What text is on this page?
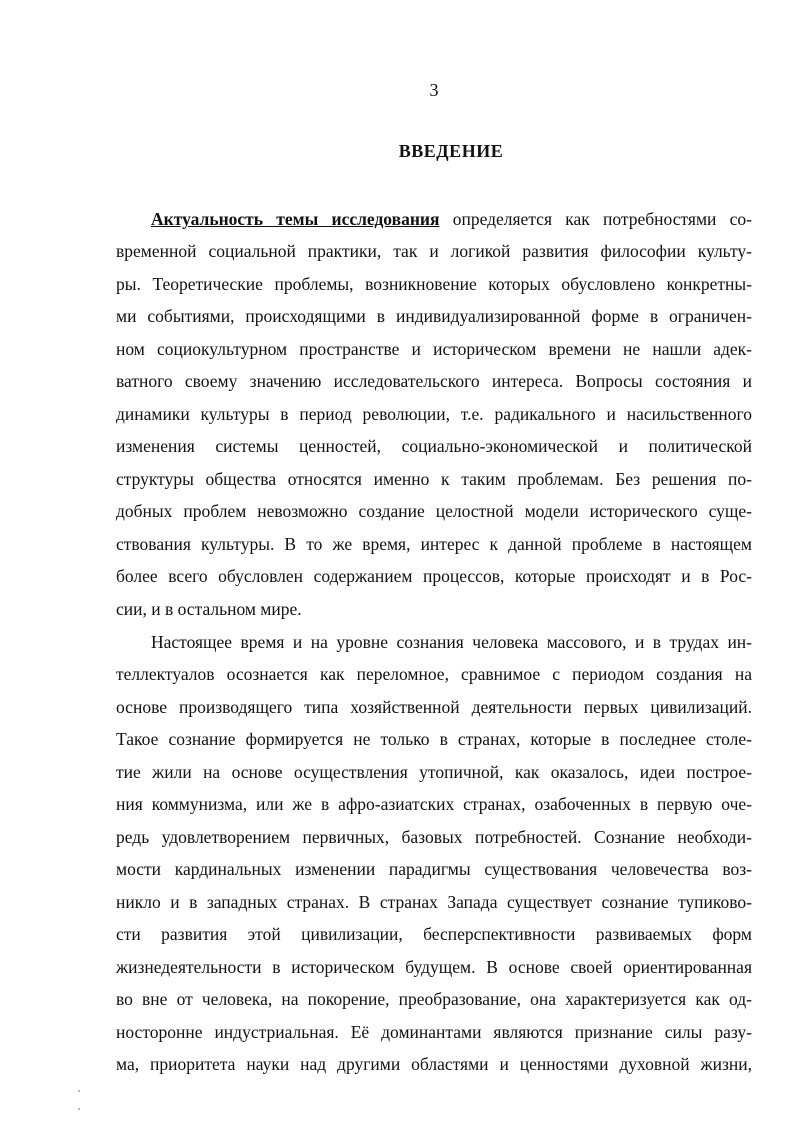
3
ВВЕДЕНИЕ
Актуальность темы исследования определяется как потребностями со-
временной социальной практики, так и логикой развития философии культу-
ры. Теоретические проблемы, возникновение которых обусловлено конкретны-
ми событиями, происходящими в индивидуализированной форме в ограничен-
ном социокультурном пространстве и историческом времени не нашли адек-
ватного своему значению исследовательского интереса. Вопросы состояния и
динамики культуры в период революции, т.е. радикального и насильственного
изменения системы ценностей, социально-экономической и политической
структуры общества относятся именно к таким проблемам. Без решения по-
добных проблем невозможно создание целостной модели исторического суще-
ствования культуры. В то же время, интерес к данной проблеме в настоящем
более всего обусловлен содержанием процессов, которые происходят и в Рос-
сии, и в остальном мире.
Настоящее время и на уровне сознания человека массового, и в трудах ин-
теллектуалов осознается как переломное, сравнимое с периодом создания на
основе производящего типа хозяйственной деятельности первых цивилизаций.
Такое сознание формируется не только в странах, которые в последнее столе-
тие жили на основе осуществления утопичной, как оказалось, идеи построе-
ния коммунизма, или же в афро-азиатских странах, озабоченных в первую оче-
редь удовлетворением первичных, базовых потребностей. Сознание необходи-
мости кардинальных изменении парадигмы существования человечества воз-
никло и в западных странах. В странах Запада существует сознание тупиково-
сти развития этой цивилизации, бесперспективности развиваемых форм
жизнедеятельности в историческом будущем. В основе своей ориентированная
во вне от человека, на покорение, преобразование, она характеризуется как од-
носторонне индустриальная. Её доминантами являются признание силы разу-
ма, приоритета науки над другими областями и ценностями духовной жизни,
